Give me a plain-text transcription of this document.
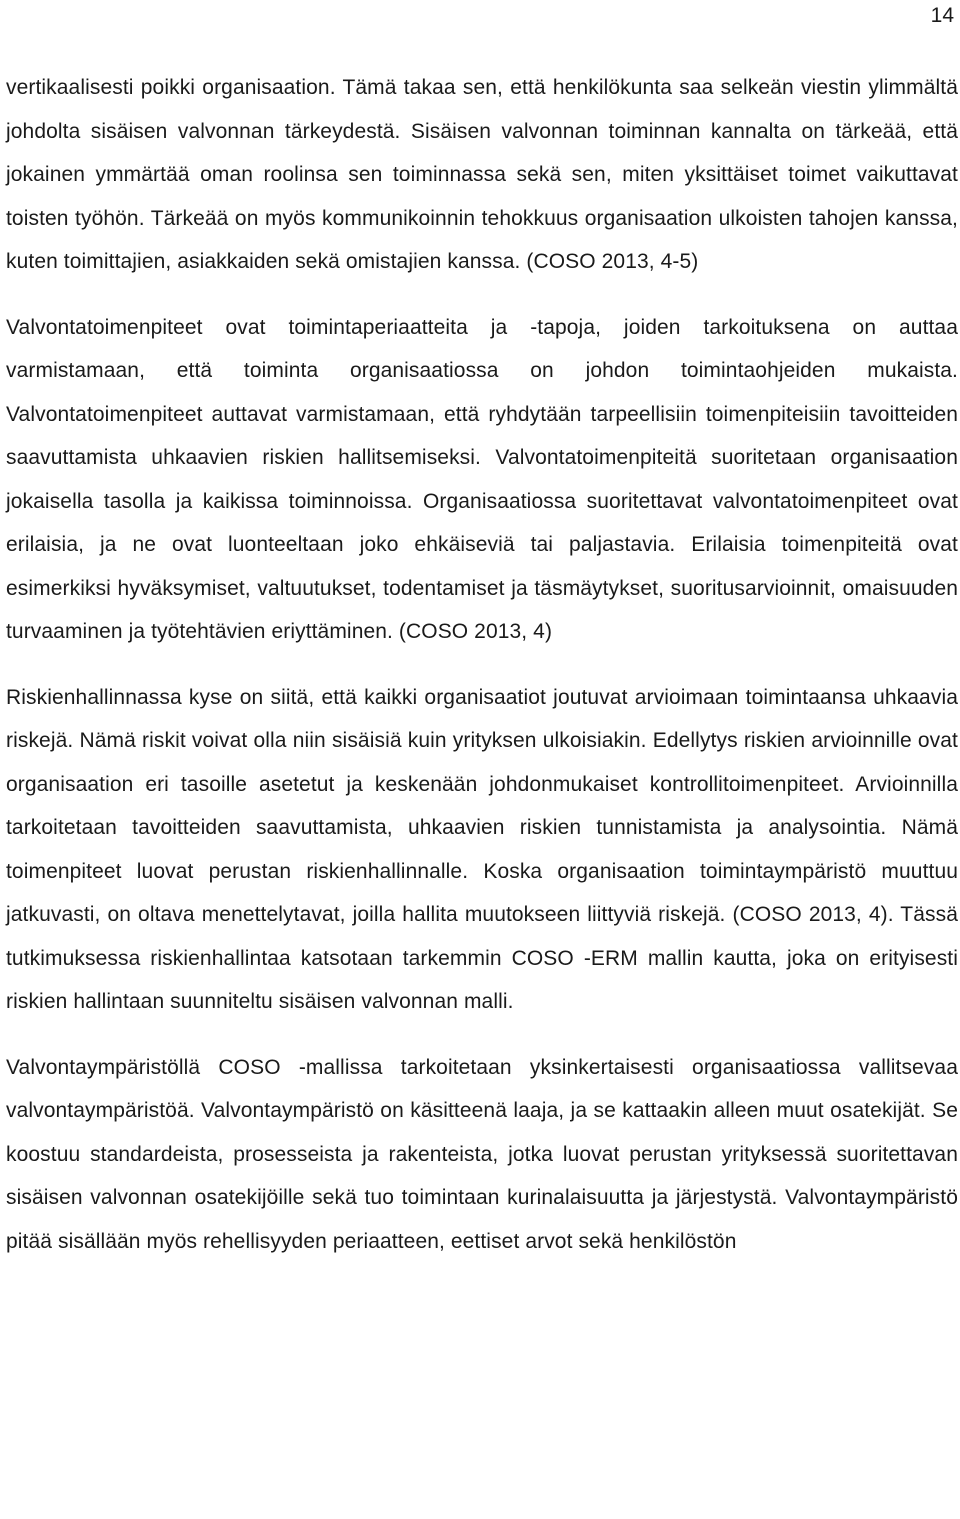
14

vertikaalisesti poikki organisaation. Tämä takaa sen, että henkilökunta saa selkeän viestin ylimmältä johdolta sisäisen valvonnan tärkeydestä. Sisäisen valvonnan toiminnan kannalta on tärkeää, että jokainen ymmärtää oman roolinsa sen toiminnassa sekä sen, miten yksittäiset toimet vaikuttavat toisten työhön. Tärkeää on myös kommunikoinnin tehokkuus organisaation ulkoisten tahojen kanssa, kuten toimittajien, asiakkaiden sekä omistajien kanssa. (COSO 2013, 4-5)

Valvontatoimenpiteet ovat toimintaperiaatteita ja -tapoja, joiden tarkoituksena on auttaa varmistamaan, että toiminta organisaatiossa on johdon toimintaohjeiden mukaista. Valvontatoimenpiteet auttavat varmistamaan, että ryhdytään tarpeellisiin toimenpiteisiin tavoitteiden saavuttamista uhkaavien riskien hallitsemiseksi. Valvontatoimenpiteitä suoritetaan organisaation jokaisella tasolla ja kaikissa toiminnoissa. Organisaatiossa suoritettavat valvontatoimenpiteet ovat erilaisia, ja ne ovat luonteeltaan joko ehkäiseviä tai paljastavia. Erilaisia toimenpiteitä ovat esimerkiksi hyväksymiset, valtuutukset, todentamiset ja täsmäytykset, suoritusarvioinnit, omaisuuden turvaaminen ja työtehtävien eriyttäminen. (COSO 2013, 4)

Riskienhallinnassa kyse on siitä, että kaikki organisaatiot joutuvat arvioimaan toimintaansa uhkaavia riskejä. Nämä riskit voivat olla niin sisäisiä kuin yrityksen ulkoisiakin. Edellytys riskien arvioinnille ovat organisaation eri tasoille asetetut ja keskenään johdonmukaiset kontrollitoimenpiteet. Arvioinnilla tarkoitetaan tavoitteiden saavuttamista, uhkaavien riskien tunnistamista ja analysointia. Nämä toimenpiteet luovat perustan riskienhallinnalle. Koska organisaation toimintaympäristö muuttuu jatkuvasti, on oltava menettelytavat, joilla hallita muutokseen liittyviä riskejä. (COSO 2013, 4). Tässä tutkimuksessa riskienhallintaa katsotaan tarkemmin COSO -ERM mallin kautta, joka on erityisesti riskien hallintaan suunniteltu sisäisen valvonnan malli.

Valvontaympäristöllä COSO -mallissa tarkoitetaan yksinkertaisesti organisaatiossa vallitsevaa valvontaympäristöä. Valvontaympäristö on käsitteenä laaja, ja se kattaakin alleen muut osatekijät. Se koostuu standardeista, prosesseista ja rakenteista, jotka luovat perustan yrityksessä suoritettavan sisäisen valvonnan osatekijöille sekä tuo toimintaan kurinalaisuutta ja järjestystä. Valvontaympäristö pitää sisällään myös rehellisyyden periaatteen, eettiset arvot sekä henkilöstön
